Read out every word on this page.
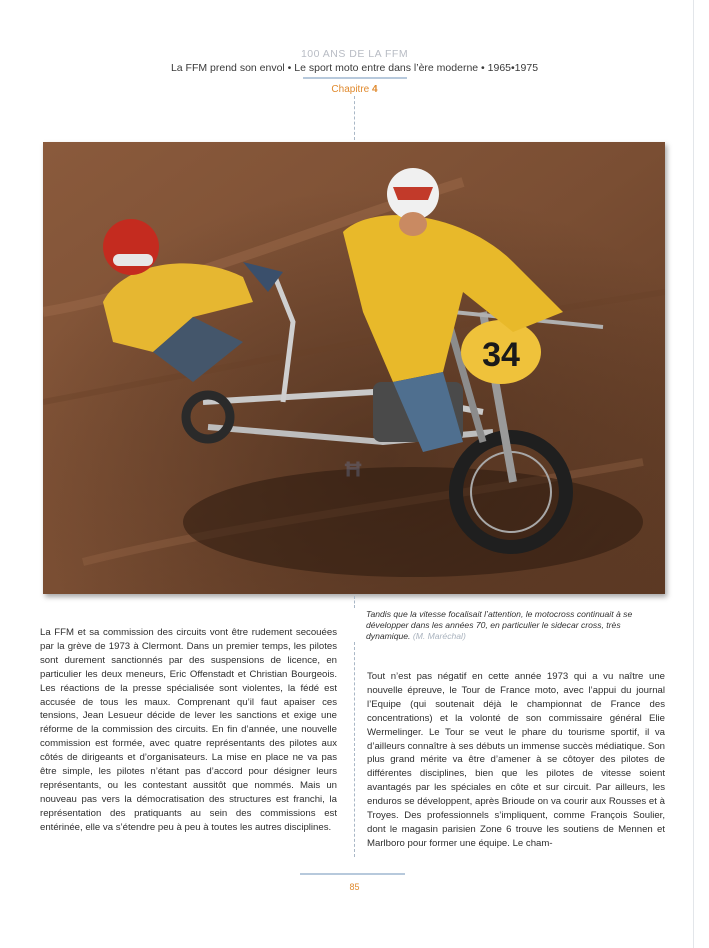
100 ANS DE LA FFM
La FFM prend son envol • Le sport moto entre dans l’ère moderne • 1965•1975
Chapitre 4
34
ꟸ
Tandis que la vitesse focalisait l’attention, le motocross continuait à se développer dans les années 70, en particulier le sidecar cross, très dynamique. (M. Maréchal)
La FFM et sa commission des circuits vont être rudement secouées par la grève de 1973 à Clermont. Dans un premier temps, les pilotes sont durement sanctionnés par des suspensions de licence, en particulier les deux meneurs, Eric Offenstadt et Christian Bourgeois. Les réactions de la presse spécialisée sont violentes, la fédé est accusée de tous les maux. Comprenant qu’il faut apaiser ces tensions, Jean Lesueur décide de lever les sanctions et exige une réforme de la commission des circuits. En fin d’année, une nouvelle commission est formée, avec quatre représentants des pilotes aux côtés de dirigeants et d’organisateurs. La mise en place ne va pas être simple, les pilotes n’étant pas d’accord pour désigner leurs représentants, ou les contestant aussitôt que nommés. Mais un nouveau pas vers la démocratisation des structures est franchi, la représentation des pratiquants au sein des commissions est entérinée, elle va s’étendre peu à peu à toutes les autres disciplines.
Tout n’est pas négatif en cette année 1973 qui a vu naître une nouvelle épreuve, le Tour de France moto, avec l’appui du journal l’Equipe (qui soutenait déjà le championnat de France des concentrations) et la volonté de son commissaire général Elie Wermelinger. Le Tour se veut le phare du tourisme sportif, il va d’ailleurs connaître à ses débuts un immense succès médiatique. Son plus grand mérite va être d’amener à se côtoyer des pilotes de différentes disciplines, bien que les pilotes de vitesse soient avantagés par les spéciales en côte et sur circuit. Par ailleurs, les enduros se développent, après Brioude on va courir aux Rousses et à Troyes. Des professionnels s’impliquent, comme François Soulier, dont le magasin parisien Zone 6 trouve les soutiens de Mennen et Marlboro pour former une équipe. Le cham-
85
